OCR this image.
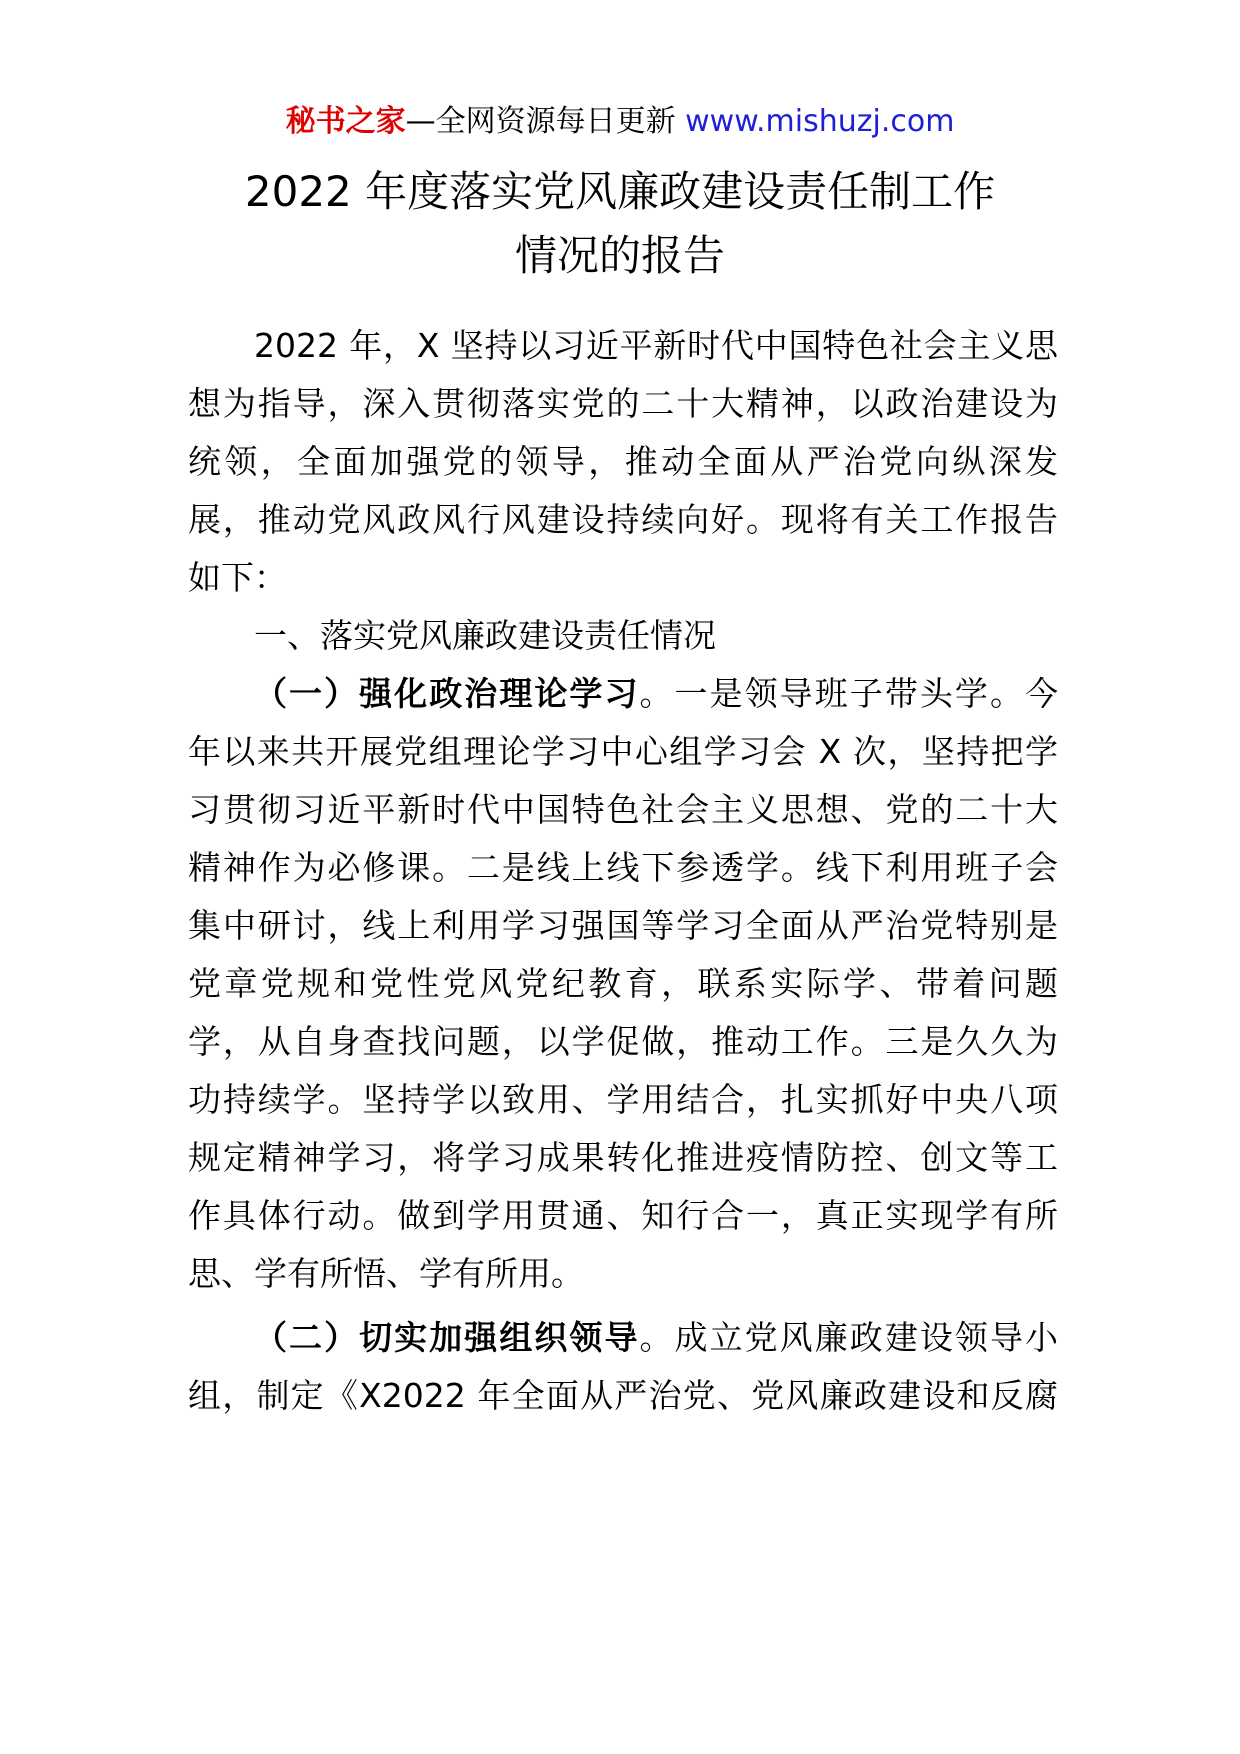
秘书之家—全网资源每日更新 www.mishuzj.com
2022 年度落实党风廉政建设责任制工作
情况的报告
2022 年，X 坚持以习近平新时代中国特色社会主义思
想为指导，深入贯彻落实党的二十大精神，以政治建设为
统领，全面加强党的领导，推动全面从严治党向纵深发
展，推动党风政风行风建设持续向好。现将有关工作报告
如下：
一、落实党风廉政建设责任情况
（一）强化政治理论学习。一是领导班子带头学。今
年以来共开展党组理论学习中心组学习会 X 次，坚持把学
习贯彻习近平新时代中国特色社会主义思想、党的二十大
精神作为必修课。二是线上线下参透学。线下利用班子会
集中研讨，线上利用学习强国等学习全面从严治党特别是
党章党规和党性党风党纪教育，联系实际学、带着问题
学，从自身查找问题，以学促做，推动工作。三是久久为
功持续学。坚持学以致用、学用结合，扎实抓好中央八项
规定精神学习，将学习成果转化推进疫情防控、创文等工
作具体行动。做到学用贯通、知行合一，真正实现学有所
思、学有所悟、学有所用。
（二）切实加强组织领导。成立党风廉政建设领导小
组，制定《X2022 年全面从严治党、党风廉政建设和反腐
